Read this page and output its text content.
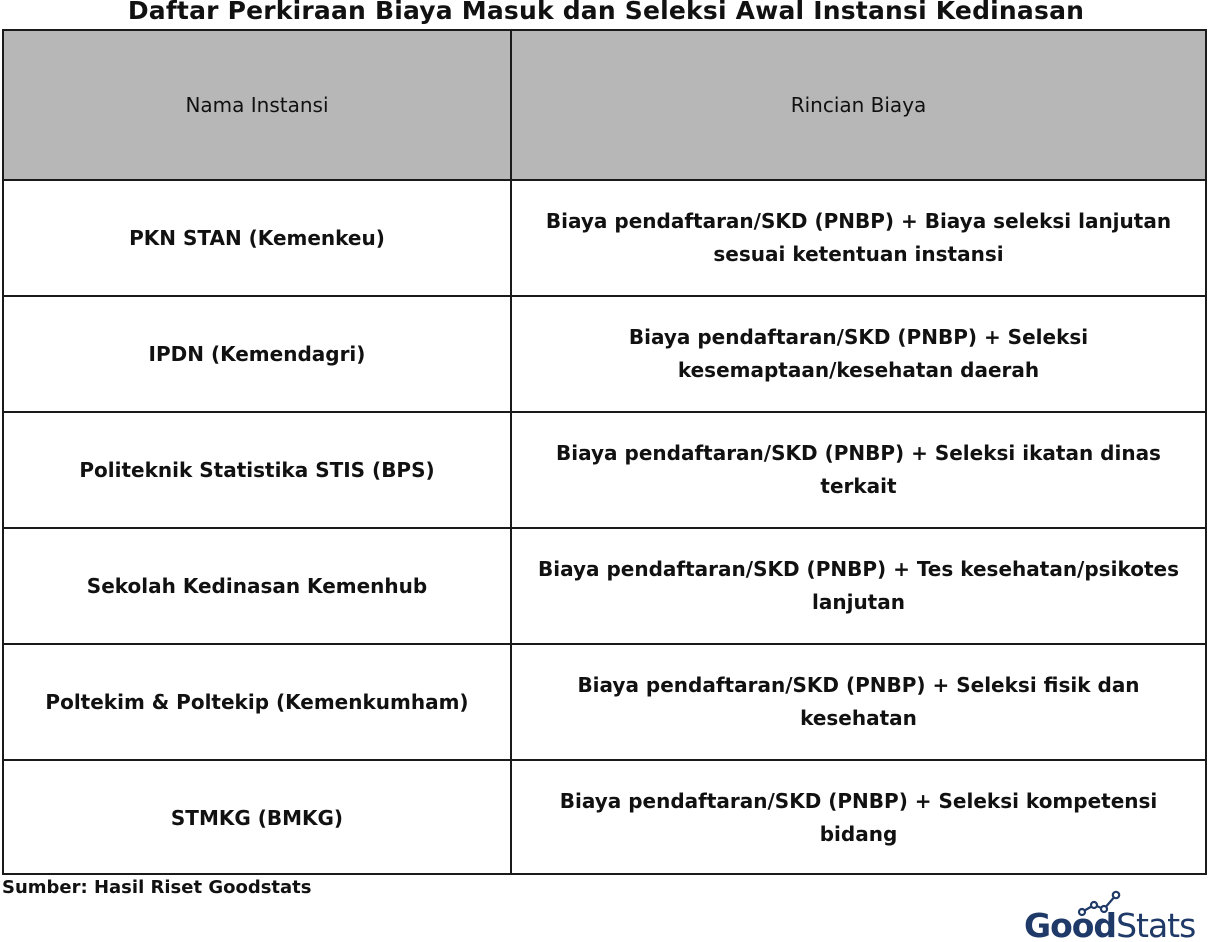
Daftar Perkiraan Biaya Masuk dan Seleksi Awal Instansi Kedinasan
Nama Instansi	Rincian Biaya
PKN STAN (Kemenkeu)	Biaya pendaftaran/SKD (PNBP) + Biaya seleksi lanjutan sesuai ketentuan instansi
IPDN (Kemendagri)	Biaya pendaftaran/SKD (PNBP) + Seleksi kesemaptaan/kesehatan daerah
Politeknik Statistika STIS (BPS)	Biaya pendaftaran/SKD (PNBP) + Seleksi ikatan dinas terkait
Sekolah Kedinasan Kemenhub	Biaya pendaftaran/SKD (PNBP) + Tes kesehatan/psikotes lanjutan
Poltekim & Poltekip (Kemenkumham)	Biaya pendaftaran/SKD (PNBP) + Seleksi fisik dan kesehatan
STMKG (BMKG)	Biaya pendaftaran/SKD (PNBP) + Seleksi kompetensi bidang
Sumber: Hasil Riset Goodstats
GoodStats
